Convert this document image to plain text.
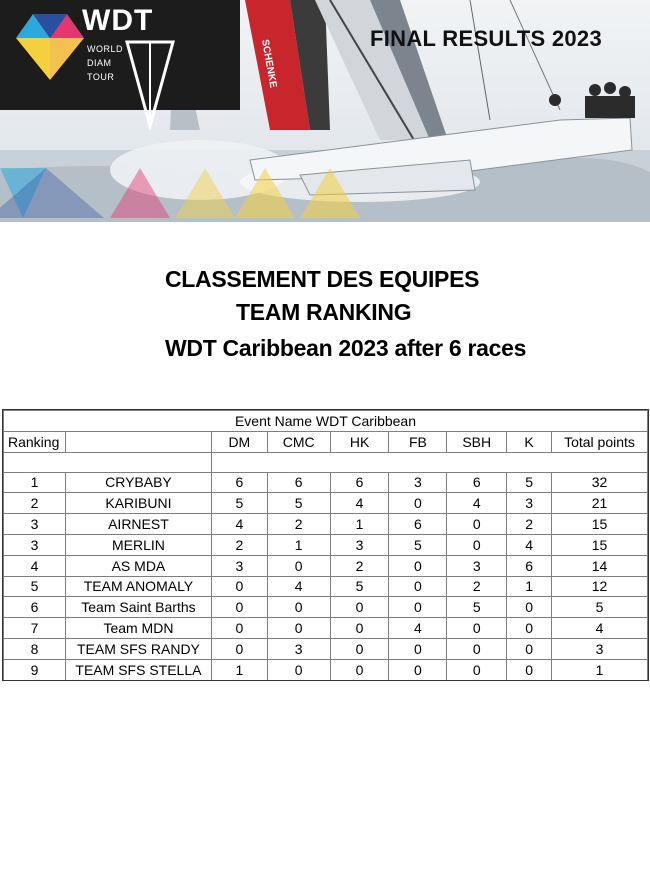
SCHENKE
WDT
WORLD
DIAM
TOUR
FINAL RESULTS 2023
CLASSEMENT DES EQUIPES
TEAM RANKING
WDT Caribbean 2023 after 6 races
Event Name WDT Caribbean								
Ranking		DM	CMC	HK	FB	SBH	K	Total points

1	CRYBABY	6	6	6	3	6	5	32
2	KARIBUNI	5	5	4	0	4	3	21
3	AIRNEST	4	2	1	6	0	2	15
3	MERLIN	2	1	3	5	0	4	15
4	AS MDA	3	0	2	0	3	6	14
5	TEAM ANOMALY	0	4	5	0	2	1	12
6	Team Saint Barths	0	0	0	0	5	0	5
7	Team MDN	0	0	0	4	0	0	4
8	TEAM SFS RANDY	0	3	0	0	0	0	3
9	TEAM SFS STELLA	1	0	0	0	0	0	1
